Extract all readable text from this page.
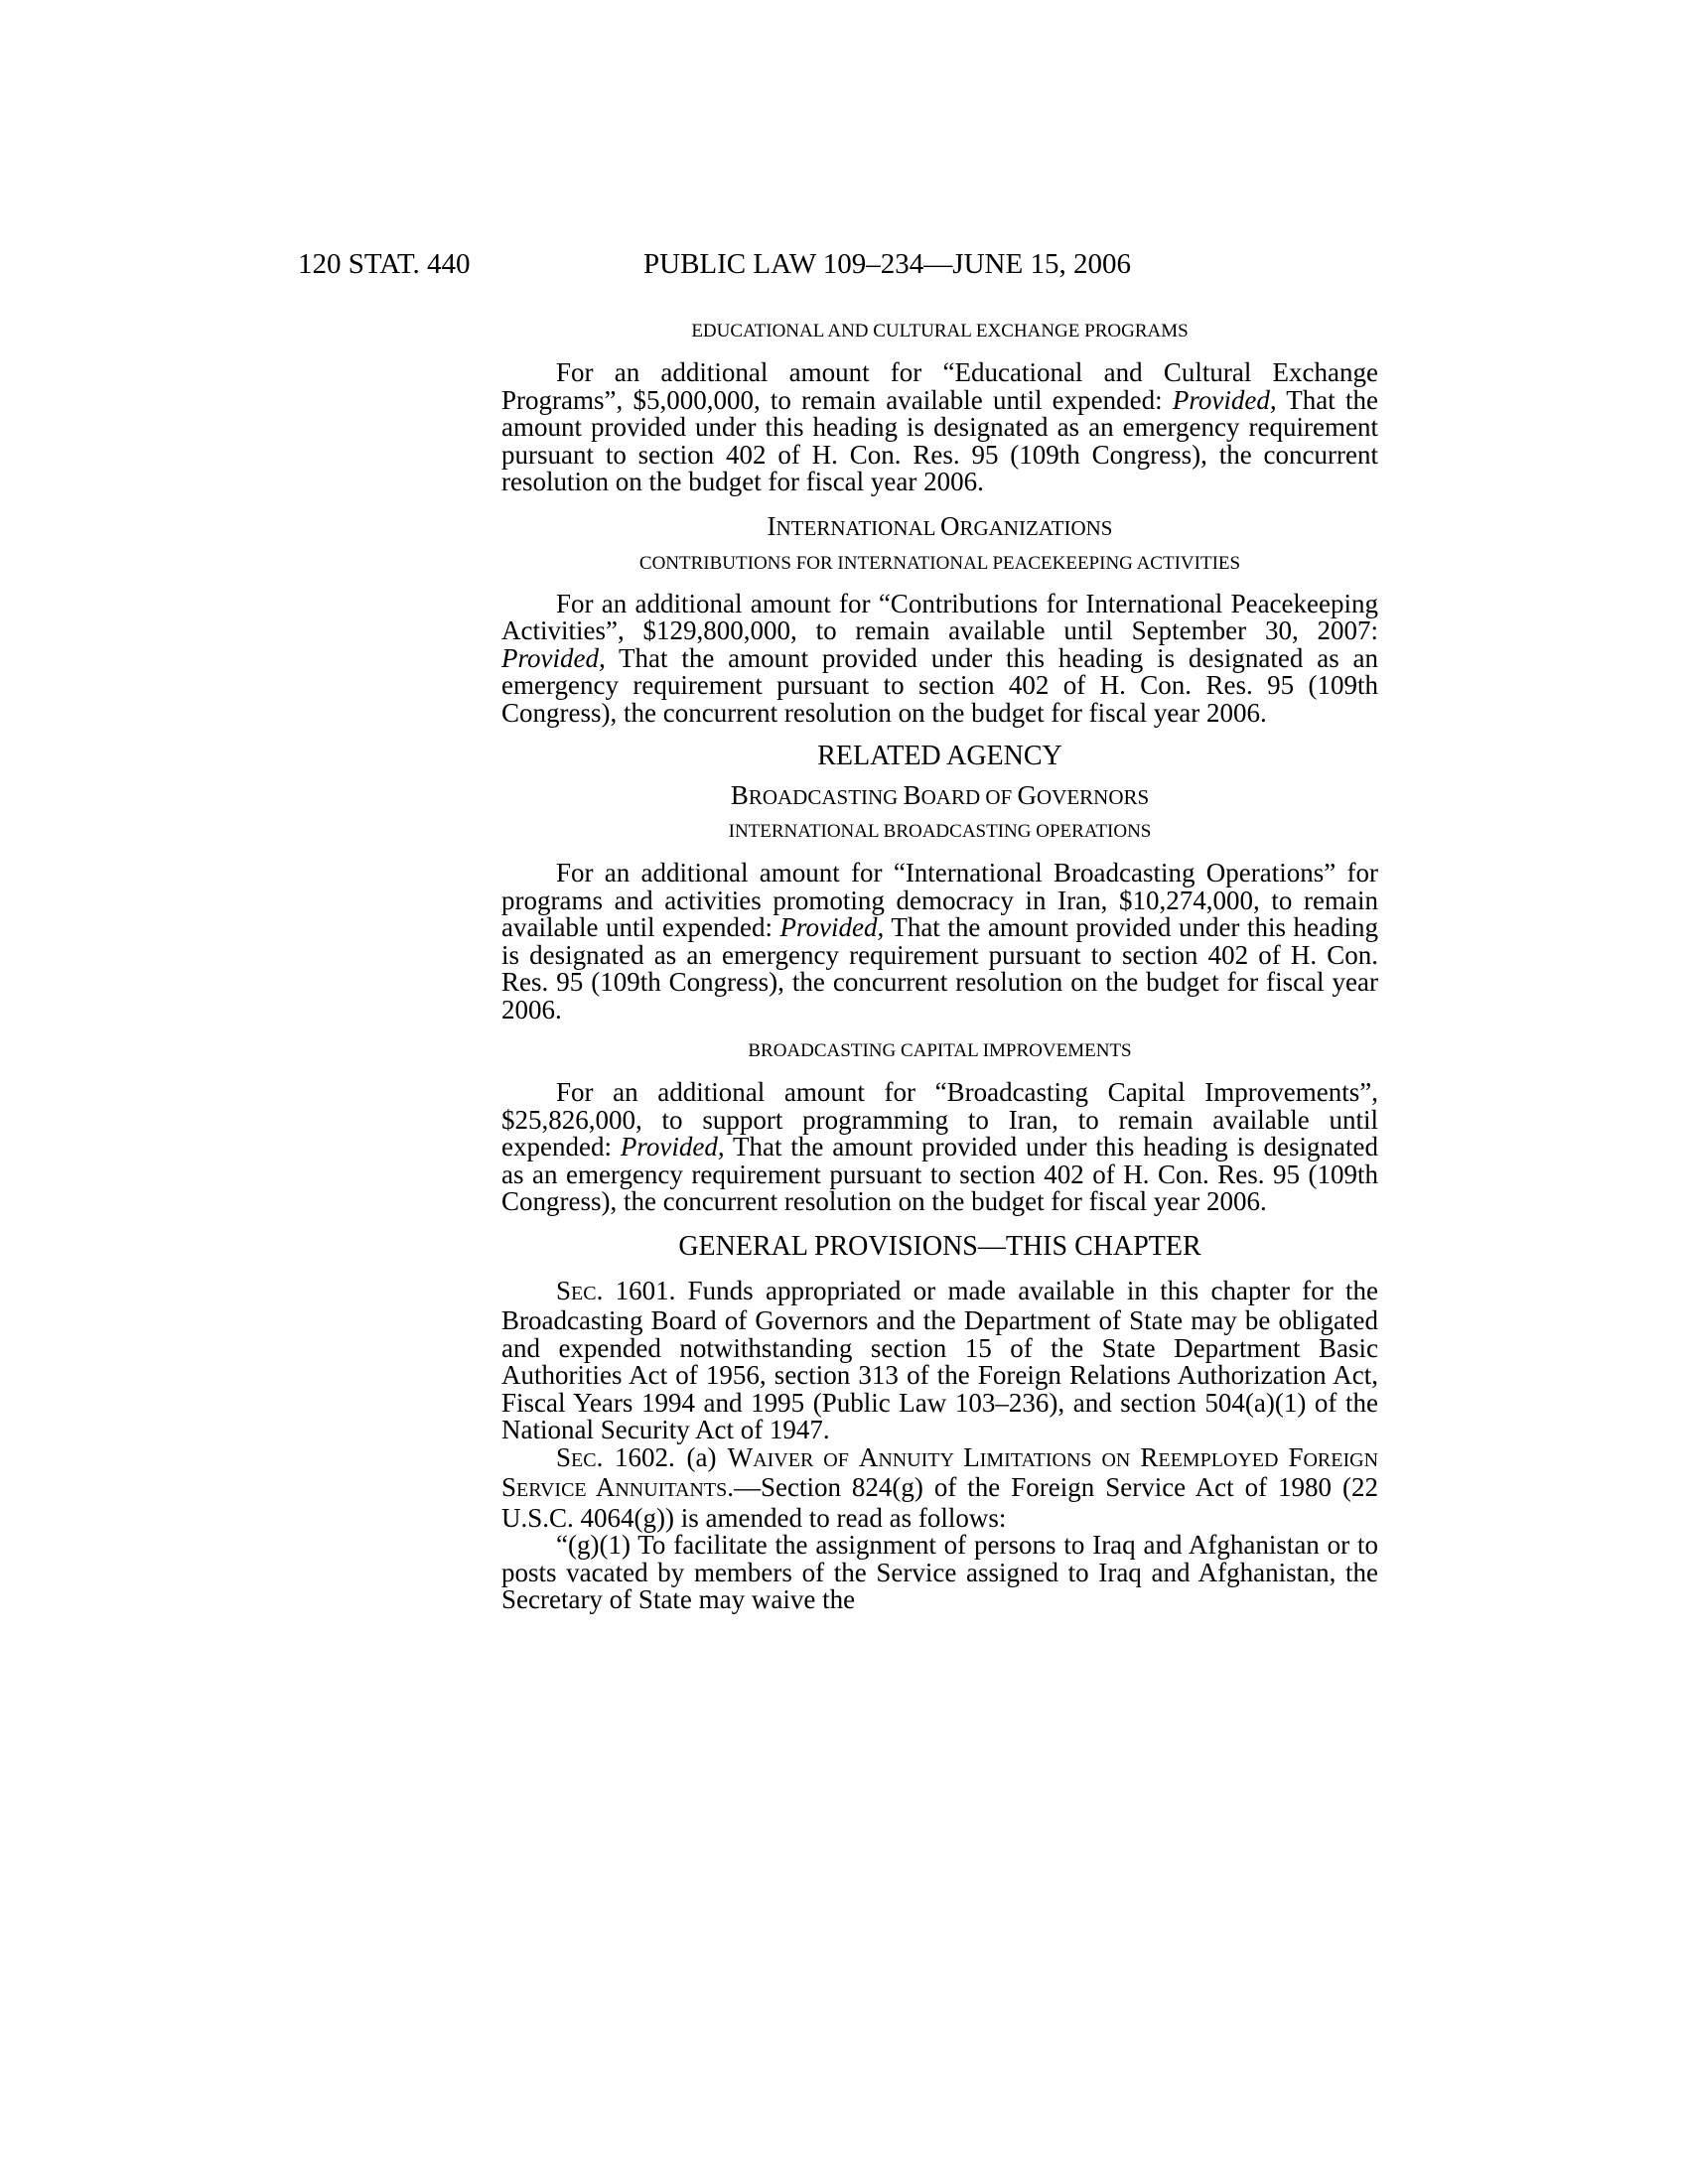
120 STAT. 440	PUBLIC LAW 109–234—JUNE 15, 2006

EDUCATIONAL AND CULTURAL EXCHANGE PROGRAMS

For an additional amount for “Educational and Cultural Exchange Programs”, $5,000,000, to remain available until expended: Provided, That the amount provided under this heading is designated as an emergency requirement pursuant to section 402 of H. Con. Res. 95 (109th Congress), the concurrent resolution on the budget for fiscal year 2006.

INTERNATIONAL ORGANIZATIONS

CONTRIBUTIONS FOR INTERNATIONAL PEACEKEEPING ACTIVITIES

For an additional amount for “Contributions for International Peacekeeping Activities”, $129,800,000, to remain available until September 30, 2007: Provided, That the amount provided under this heading is designated as an emergency requirement pursuant to section 402 of H. Con. Res. 95 (109th Congress), the concurrent resolution on the budget for fiscal year 2006.

RELATED AGENCY

BROADCASTING BOARD OF GOVERNORS

INTERNATIONAL BROADCASTING OPERATIONS

For an additional amount for “International Broadcasting Operations” for programs and activities promoting democracy in Iran, $10,274,000, to remain available until expended: Provided, That the amount provided under this heading is designated as an emergency requirement pursuant to section 402 of H. Con. Res. 95 (109th Congress), the concurrent resolution on the budget for fiscal year 2006.

BROADCASTING CAPITAL IMPROVEMENTS

For an additional amount for “Broadcasting Capital Improvements”, $25,826,000, to support programming to Iran, to remain available until expended: Provided, That the amount provided under this heading is designated as an emergency requirement pursuant to section 402 of H. Con. Res. 95 (109th Congress), the concurrent resolution on the budget for fiscal year 2006.

GENERAL PROVISIONS—THIS CHAPTER

SEC. 1601. Funds appropriated or made available in this chapter for the Broadcasting Board of Governors and the Department of State may be obligated and expended notwithstanding section 15 of the State Department Basic Authorities Act of 1956, section 313 of the Foreign Relations Authorization Act, Fiscal Years 1994 and 1995 (Public Law 103–236), and section 504(a)(1) of the National Security Act of 1947.

SEC. 1602. (a) WAIVER OF ANNUITY LIMITATIONS ON REEMPLOYED FOREIGN SERVICE ANNUITANTS.—Section 824(g) of the Foreign Service Act of 1980 (22 U.S.C. 4064(g)) is amended to read as follows:

“(g)(1) To facilitate the assignment of persons to Iraq and Afghanistan or to posts vacated by members of the Service assigned to Iraq and Afghanistan, the Secretary of State may waive the
